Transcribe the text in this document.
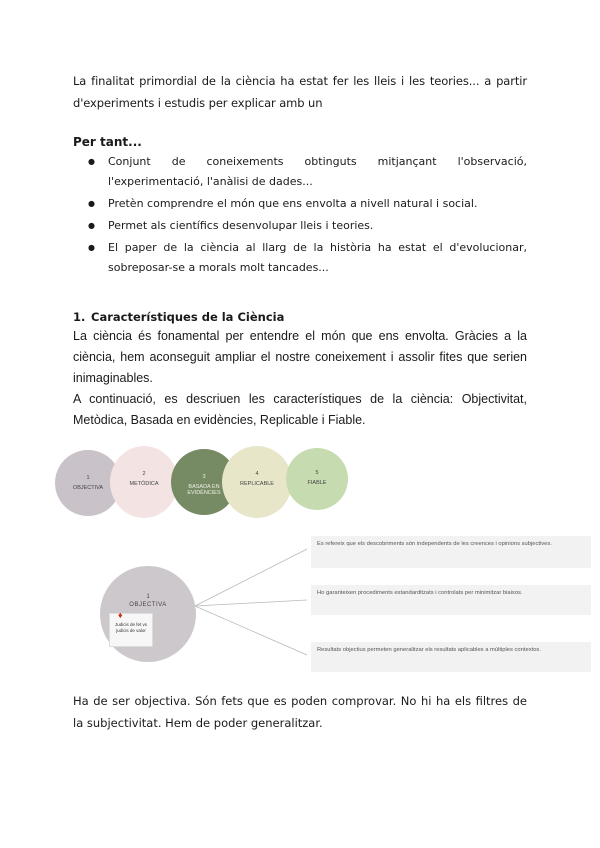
La finalitat primordial de la ciència ha estat fer les lleis i les teories... a partir d'experiments i estudis per explicar amb un

Per tant...
● Conjunt de coneixements obtinguts mitjançant l'observació, l'experimentació, l'anàlisi de dades...
● Pretèn comprendre el món que ens envolta a nivell natural i social.
● Permet als científics desenvolupar lleis i teories.
● El paper de la ciència al llarg de la història ha estat el d'evolucionar, sobreposar-se a morals molt tancades...
1. Característiques de la Ciència
La ciència és fonamental per entendre el món que ens envolta. Gràcies a la ciència, hem aconseguit ampliar el nostre coneixement i assolir fites que serien inimaginables.
A continuació, es descriuen les característiques de la ciència: Objectivitat, Metòdica, Basada en evidències, Replicable i Fiable.
1
OBJECTIVA
2
METÒDICA
3
BASADA EN EVIDÈNCIES
4
REPLICABLE
5
FIABLE
1
OBJECTIVA
♦
Judicis de fet vs judicis de valor
Es refereix que els descobriments són independents de les creences i opinions subjectives.
Ho garanteixen procediments estandarditzats i controlats per minimitzar biaixos.
Resultats objectius permeten generalitzar els resultats aplicables a múltiples contextos.

Ha de ser objectiva. Són fets que es poden comprovar. No hi ha els filtres de la subjectivitat. Hem de poder generalitzar.
